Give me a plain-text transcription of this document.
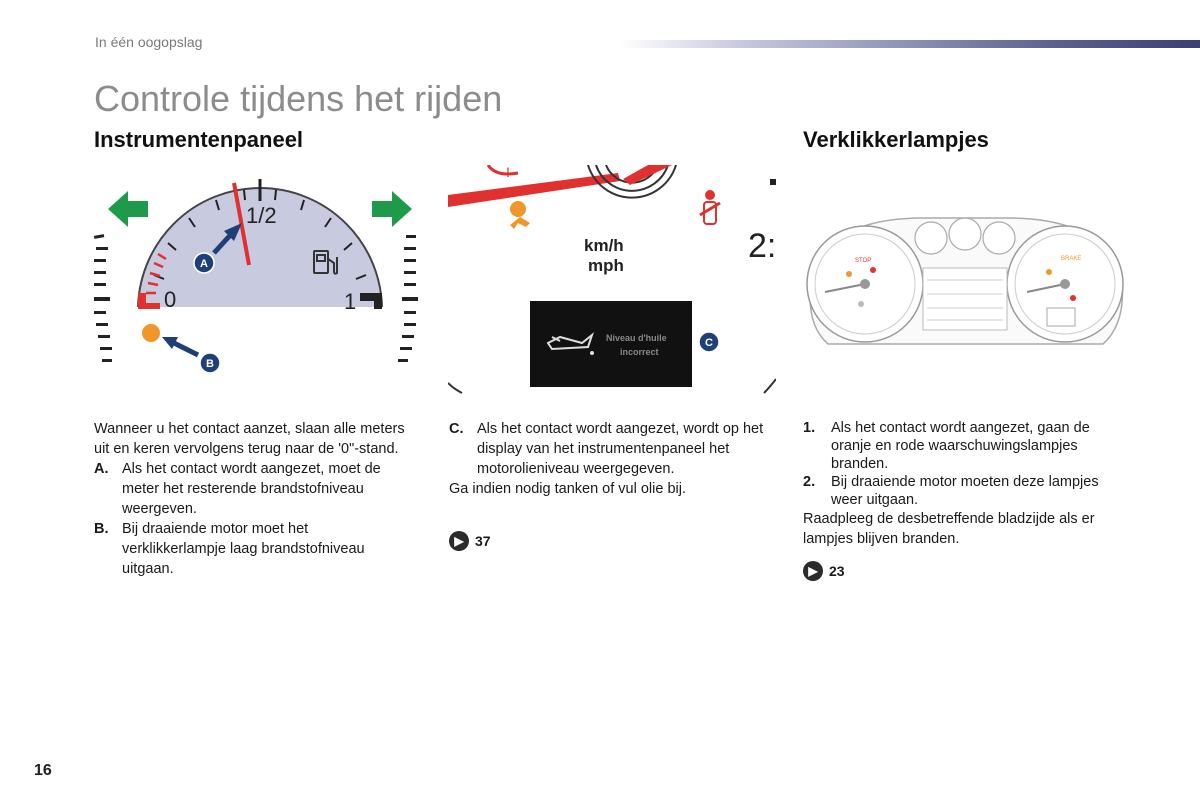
In één oogopslag
Controle tijdens het rijden
Instrumentenpaneel	Verklikkerlampjes
0
1/2
1
A
B
!
km/h
mph
2:
Niveau d'huile
incorrect
C
STOP	BRAKE
Wanneer u het contact aanzet, slaan alle meters uit en keren vervolgens terug naar de '0"-stand.
A. Als het contact wordt aangezet, moet de meter het resterende brandstofniveau weergeven.
B. Bij draaiende motor moet het verklikkerlampje laag brandstofniveau uitgaan.
C. Als het contact wordt aangezet, wordt op het display van het instrumentenpaneel het motorolieniveau weergegeven.
Ga indien nodig tanken of vul olie bij.
▶ 37
1.	Als het contact wordt aangezet, gaan de oranje en rode waarschuwingslampjes branden.
2.	Bij draaiende motor moeten deze lampjes weer uitgaan.
Raadpleeg de desbetreffende bladzijde als er lampjes blijven branden.
▶ 23
16
